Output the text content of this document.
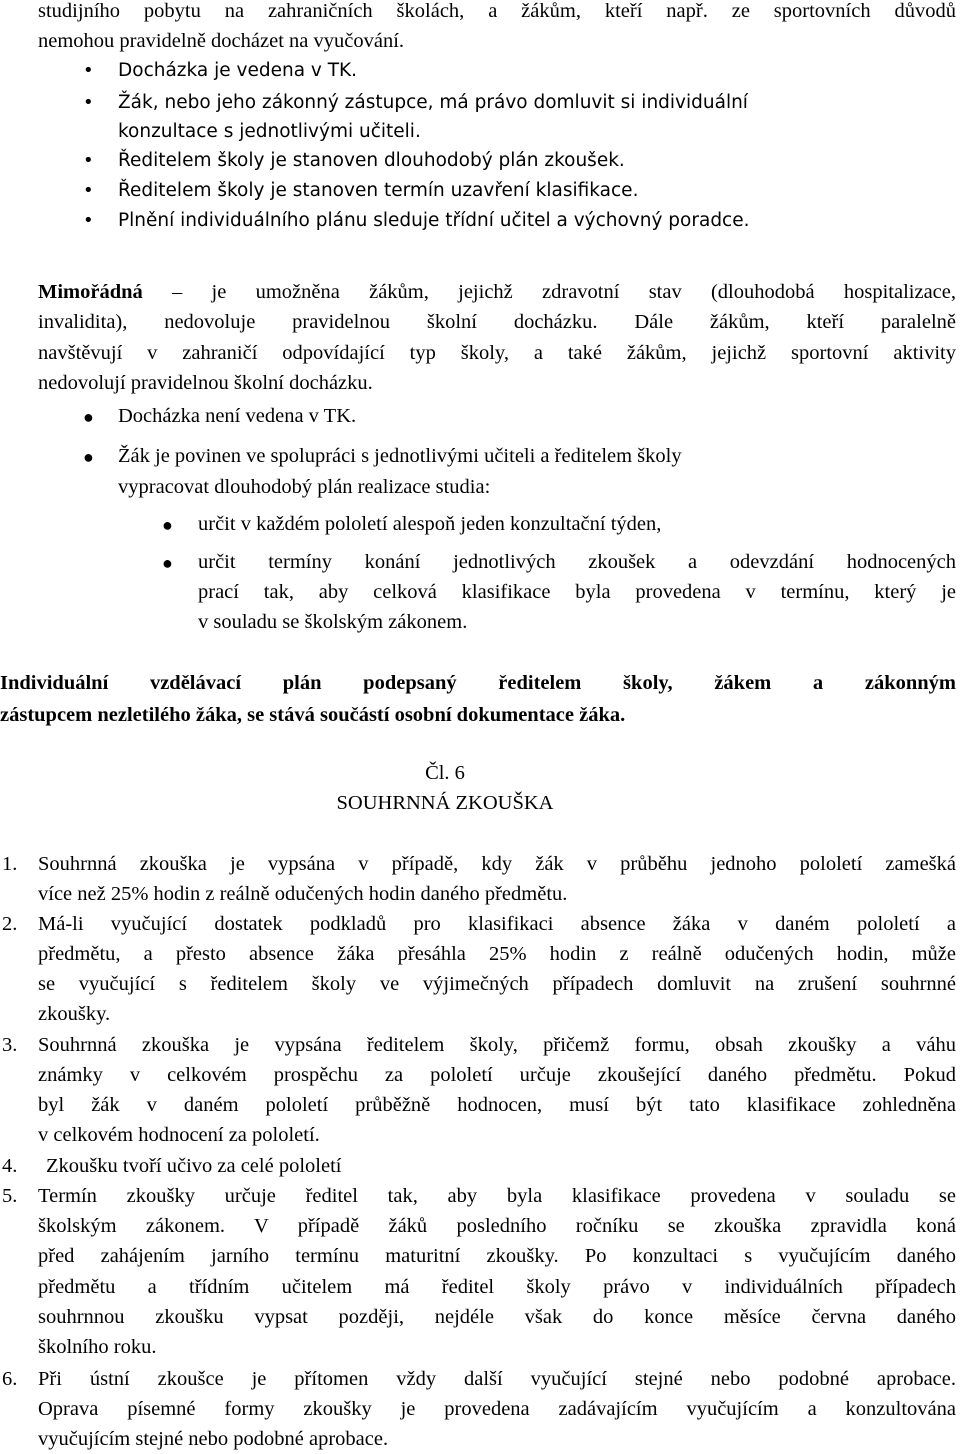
studijního pobytu na zahraničních školách, a žákům, kteří např. ze sportovních důvodů
nemohou pravidelně docházet na vyučování.
• Docházka je vedena v TK.
• Žák, nebo jeho zákonný zástupce, má právo domluvit si individuální
konzultace s jednotlivými učiteli.
• Ředitelem školy je stanoven dlouhodobý plán zkoušek.
• Ředitelem školy je stanoven termín uzavření klasifikace.
• Plnění individuálního plánu sleduje třídní učitel a výchovný poradce.
Mimořádná – je umožněna žákům, jejichž zdravotní stav (dlouhodobá hospitalizace,
invalidita), nedovoluje pravidelnou školní docházku. Dále žákům, kteří paralelně
navštěvují v zahraničí odpovídající typ školy, a také žákům, jejichž sportovní aktivity
nedovolují pravidelnou školní docházku.
● Docházka není vedena v TK.
● Žák je povinen ve spolupráci s jednotlivými učiteli a ředitelem školy
vypracovat dlouhodobý plán realizace studia:
● určit v každém pololetí alespoň jeden konzultační týden,
● určit termíny konání jednotlivých zkoušek a odevzdání hodnocených
prací tak, aby celková klasifikace byla provedena v termínu, který je
v souladu se školským zákonem.
Individuální vzdělávací plán podepsaný ředitelem školy, žákem a zákonným
zástupcem nezletilého žáka, se stává součástí osobní dokumentace žáka.
Čl. 6
SOUHRNNÁ ZKOUŠKA
1. Souhrnná zkouška je vypsána v případě, kdy žák v průběhu jednoho pololetí zamešká
více než 25% hodin z reálně odučených hodin daného předmětu.
2. Má-li vyučující dostatek podkladů pro klasifikaci absence žáka v daném pololetí a
předmětu, a přesto absence žáka přesáhla 25% hodin z reálně odučených hodin, může
se vyučující s ředitelem školy ve výjimečných případech domluvit na zrušení souhrnné
zkoušky.
3. Souhrnná zkouška je vypsána ředitelem školy, přičemž formu, obsah zkoušky a váhu
známky v celkovém prospěchu za pololetí určuje zkoušející daného předmětu. Pokud
byl žák v daném pololetí průběžně hodnocen, musí být tato klasifikace zohledněna
v celkovém hodnocení za pololetí.
4. Zkoušku tvoří učivo za celé pololetí
5. Termín zkoušky určuje ředitel tak, aby byla klasifikace provedena v souladu se
školským zákonem. V případě žáků posledního ročníku se zkouška zpravidla koná
před zahájením jarního termínu maturitní zkoušky. Po konzultaci s vyučujícím daného
předmětu a třídním učitelem má ředitel školy právo v individuálních případech
souhrnnou zkoušku vypsat později, nejdéle však do konce měsíce června daného
školního roku.
6. Při ústní zkoušce je přítomen vždy další vyučující stejné nebo podobné aprobace.
Oprava písemné formy zkoušky je provedena zadávajícím vyučujícím a konzultována
vyučujícím stejné nebo podobné aprobace.
